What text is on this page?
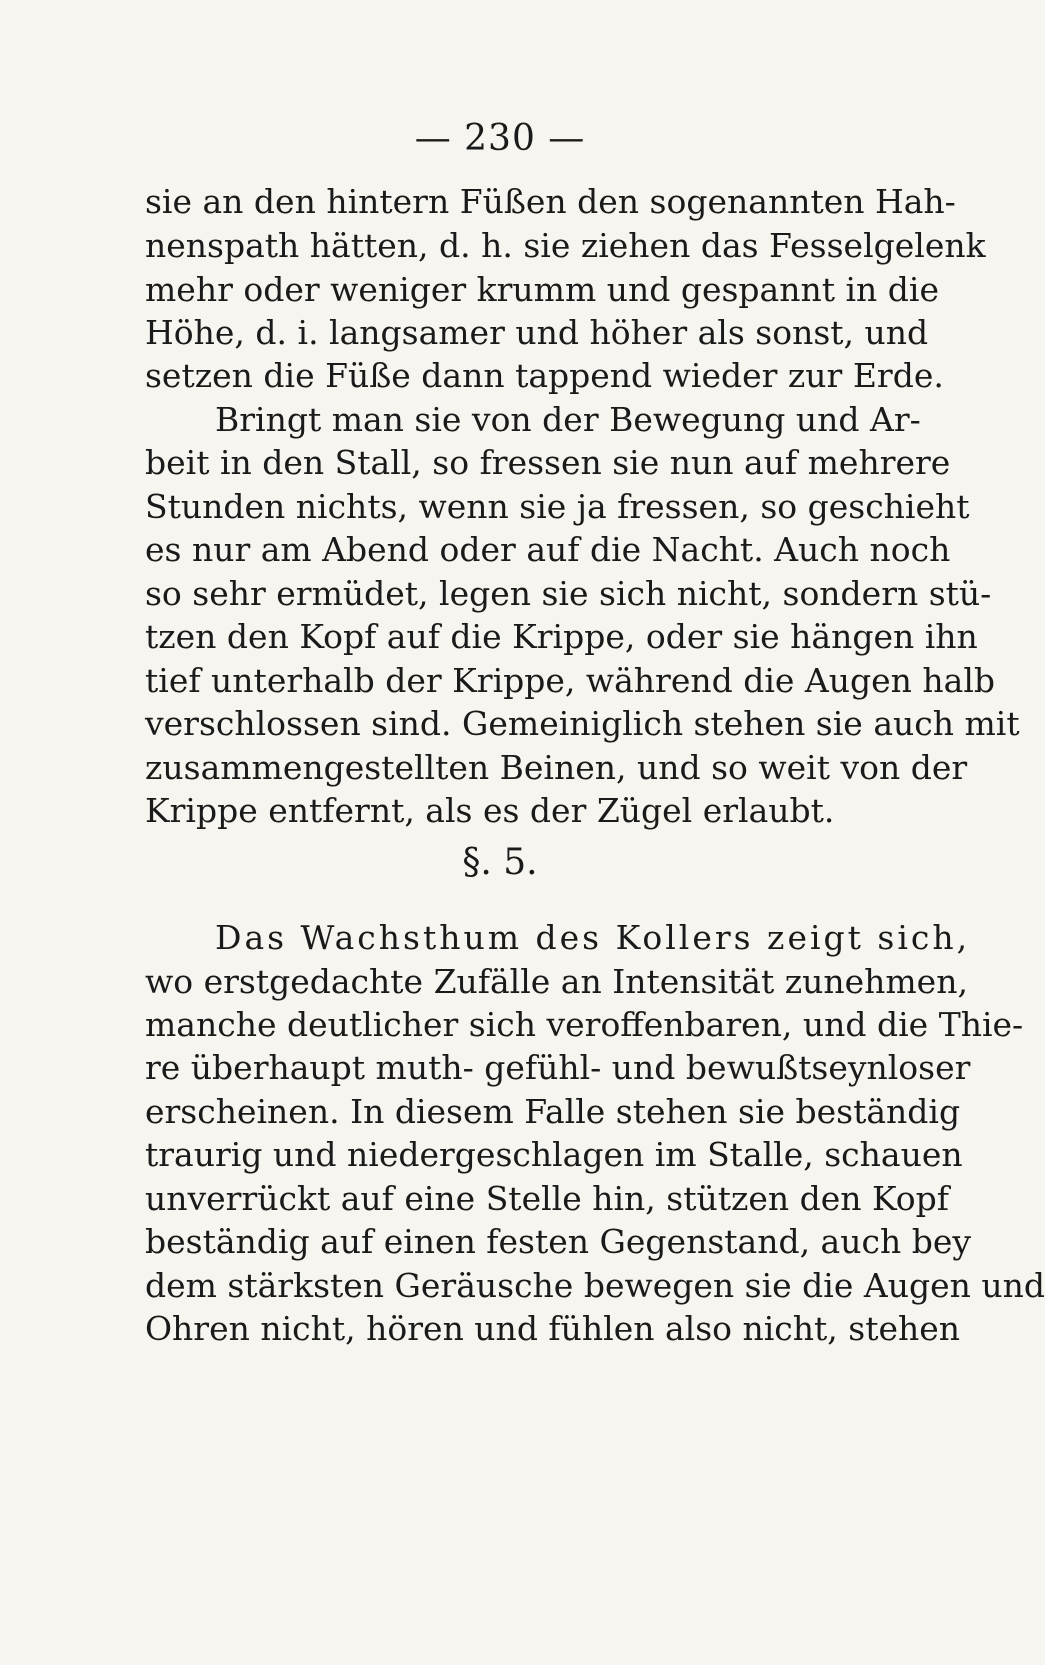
— 230 —
sie an den hintern Füßen den sogenannten Hah-
nenspath hätten, d. h. sie ziehen das Fesselgelenk
mehr oder weniger krumm und gespannt in die
Höhe, d. i. langsamer und höher als sonst, und
setzen die Füße dann tappend wieder zur Erde.
Bringt man sie von der Bewegung und Ar-
beit in den Stall, so fressen sie nun auf mehrere
Stunden nichts, wenn sie ja fressen, so geschieht
es nur am Abend oder auf die Nacht. Auch noch
so sehr ermüdet, legen sie sich nicht, sondern stü-
tzen den Kopf auf die Krippe, oder sie hängen ihn
tief unterhalb der Krippe, während die Augen halb
verschlossen sind. Gemeiniglich stehen sie auch mit
zusammengestellten Beinen, und so weit von der
Krippe entfernt, als es der Zügel erlaubt.
§. 5.
Das Wachsthum des Kollers zeigt sich,
wo erstgedachte Zufälle an Intensität zunehmen,
manche deutlicher sich veroffenbaren, und die Thie-
re überhaupt muth- gefühl- und bewußtseynloser
erscheinen. In diesem Falle stehen sie beständig
traurig und niedergeschlagen im Stalle, schauen
unverrückt auf eine Stelle hin, stützen den Kopf
beständig auf einen festen Gegenstand, auch bey
dem stärksten Geräusche bewegen sie die Augen und
Ohren nicht, hören und fühlen also nicht, stehen
